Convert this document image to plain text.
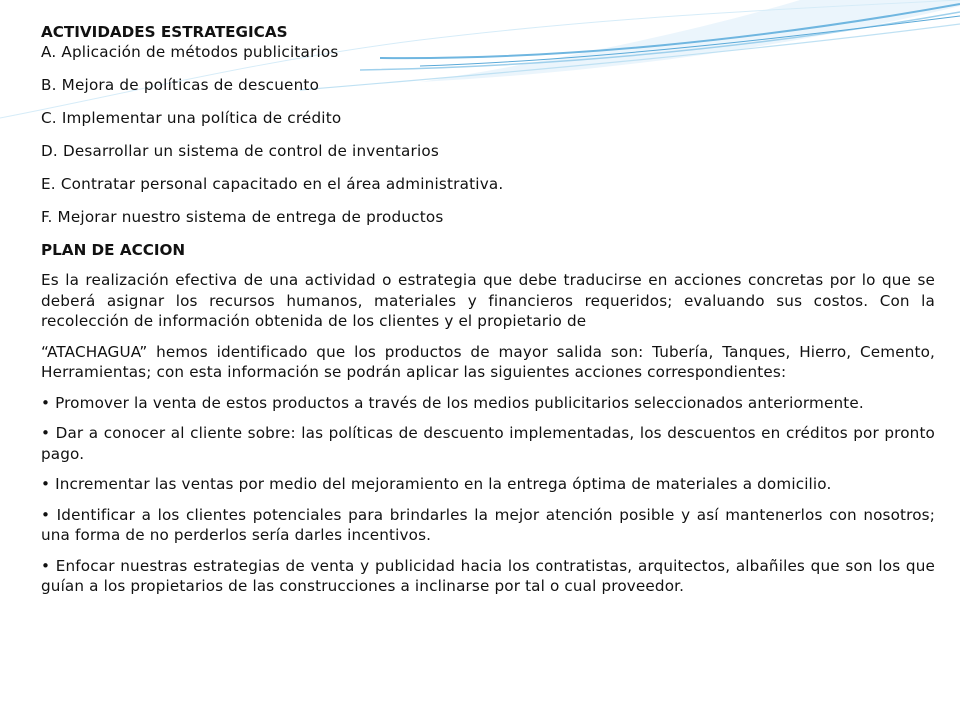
ACTIVIDADES ESTRATEGICAS

A. Aplicación de métodos publicitarios

B. Mejora de políticas de descuento

C. Implementar una política de crédito

D. Desarrollar un sistema de control de inventarios

E. Contratar personal capacitado en el área administrativa.

F. Mejorar nuestro sistema de entrega de productos

PLAN DE ACCION

Es la realización efectiva de una actividad o estrategia que debe traducirse en acciones concretas por lo que se deberá asignar los recursos humanos, materiales y financieros requeridos; evaluando sus costos. Con la recolección de información obtenida de los clientes y el propietario de

“ATACHAGUA” hemos identificado que los productos de mayor salida son: Tubería, Tanques, Hierro, Cemento, Herramientas; con esta información se podrán aplicar las siguientes acciones correspondientes:

• Promover la venta de estos productos a través de los medios publicitarios seleccionados anteriormente.

• Dar a conocer al cliente sobre: las políticas de descuento implementadas, los descuentos en créditos por pronto pago.

• Incrementar las ventas por medio del mejoramiento en la entrega óptima de materiales a domicilio.

• Identificar a los clientes potenciales para brindarles la mejor atención posible y así mantenerlos con nosotros; una forma de no perderlos sería darles incentivos.

• Enfocar nuestras estrategias de venta y publicidad hacia los contratistas, arquitectos, albañiles que son los que guían a los propietarios de las construcciones a inclinarse por tal o cual proveedor.
